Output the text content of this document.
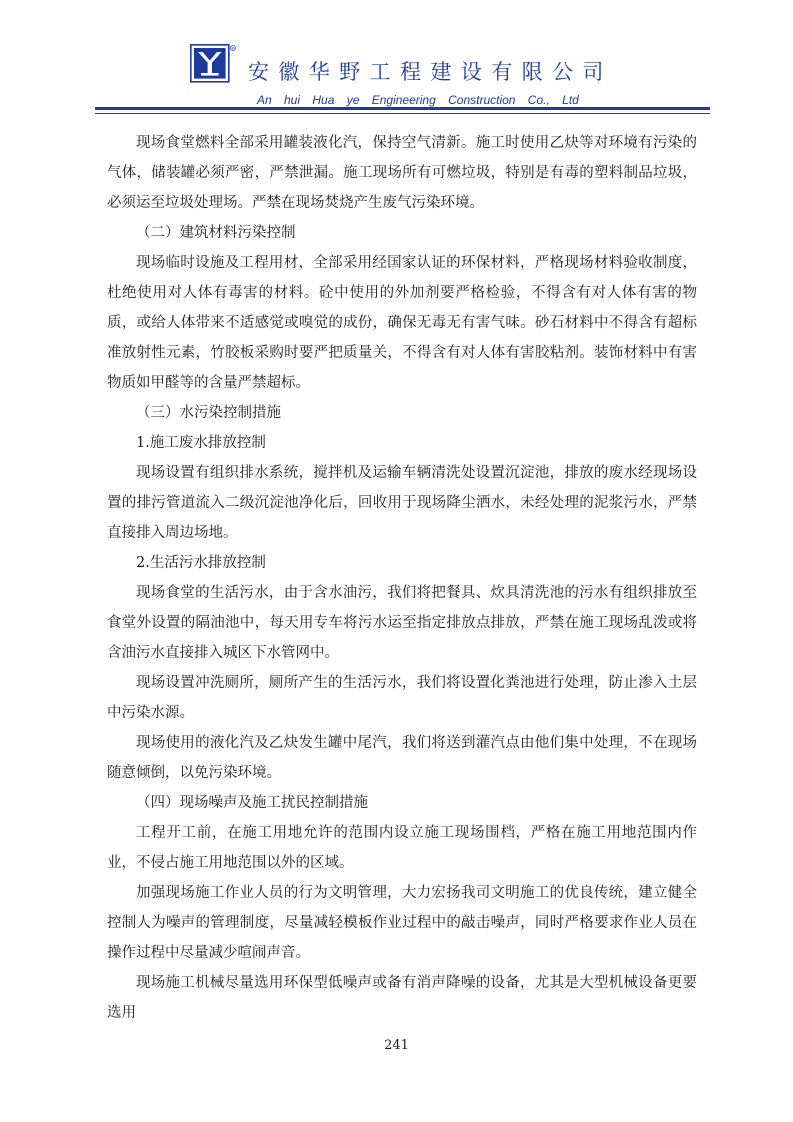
R
安徽华野工程建设有限公司
An hui Hua ye Engineering Construction Co., Ltd

现场食堂燃料全部采用罐装液化汽，保持空气清新。施工时使用乙炔等对环境有污染的气体，储装罐必须严密，严禁泄漏。施工现场所有可燃垃圾，特别是有毒的塑料制品垃圾，必须运至垃圾处理场。严禁在现场焚烧产生废气污染环境。

（二）建筑材料污染控制

现场临时设施及工程用材，全部采用经国家认证的环保材料，严格现场材料验收制度，杜绝使用对人体有毒害的材料。砼中使用的外加剂要严格检验，不得含有对人体有害的物质，或给人体带来不适感觉或嗅觉的成份，确保无毒无有害气味。砂石材料中不得含有超标准放射性元素，竹胶板采购时要严把质量关，不得含有对人体有害胶粘剂。装饰材料中有害物质如甲醛等的含量严禁超标。

（三）水污染控制措施

1.施工废水排放控制

现场设置有组织排水系统，搅拌机及运输车辆清洗处设置沉淀池，排放的废水经现场设置的排污管道流入二级沉淀池净化后，回收用于现场降尘洒水，未经处理的泥浆污水，严禁直接排入周边场地。

2.生活污水排放控制

现场食堂的生活污水，由于含水油污，我们将把餐具、炊具清洗池的污水有组织排放至食堂外设置的隔油池中，每天用专车将污水运至指定排放点排放，严禁在施工现场乱泼或将含油污水直接排入城区下水管网中。

现场设置冲洗厕所，厕所产生的生活污水，我们将设置化粪池进行处理，防止渗入土层中污染水源。

现场使用的液化汽及乙炔发生罐中尾汽，我们将送到灌汽点由他们集中处理，不在现场随意倾倒，以免污染环境。

（四）现场噪声及施工扰民控制措施

工程开工前，在施工用地允许的范围内设立施工现场围档，严格在施工用地范围内作业，不侵占施工用地范围以外的区域。

加强现场施工作业人员的行为文明管理，大力宏扬我司文明施工的优良传统，建立健全控制人为噪声的管理制度，尽量减轻模板作业过程中的敲击噪声，同时严格要求作业人员在操作过程中尽量减少喧闹声音。

现场施工机械尽量选用环保型低噪声或备有消声降噪的设备，尤其是大型机械设备更要选用

241
